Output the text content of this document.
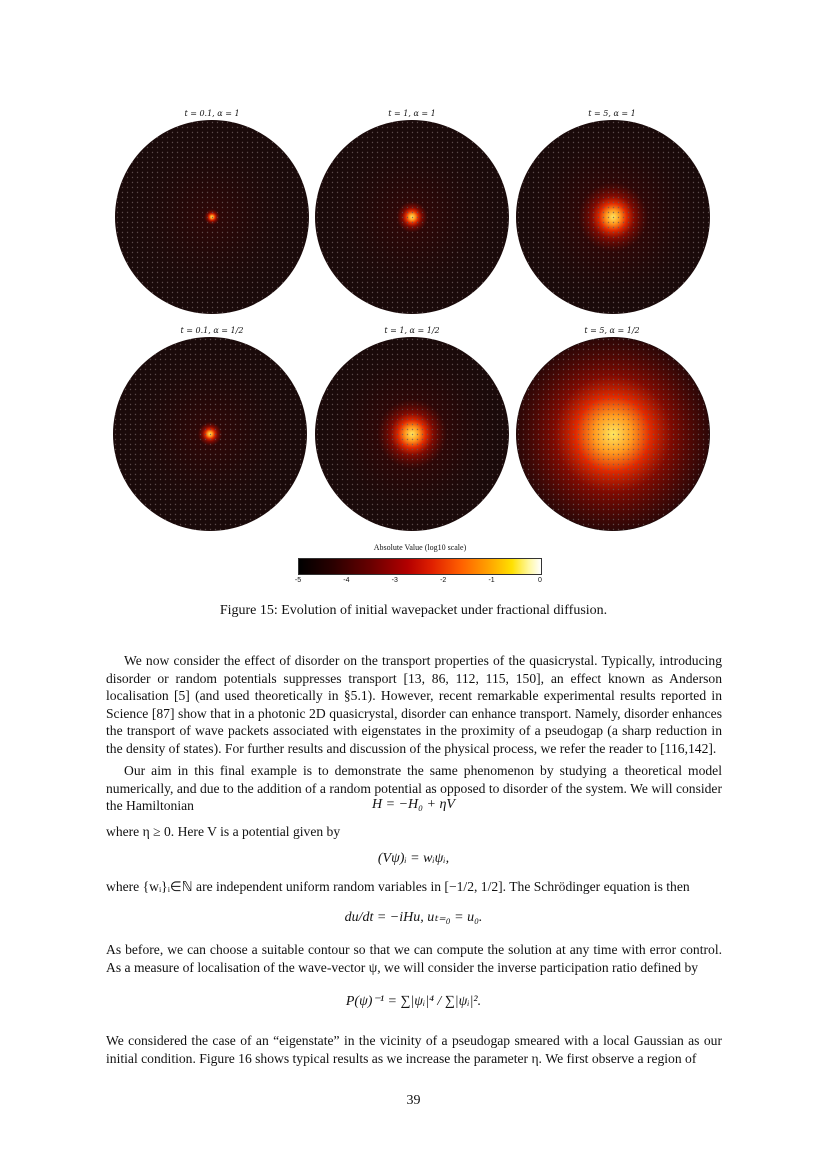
t = 0.1, α = 1	t = 1, α = 1	t = 5, α = 1
t = 0.1, α = 1/2	t = 1, α = 1/2	t = 5, α = 1/2
Absolute Value (log10 scale)
-5	-4	-3	-2	-1	0
Figure 15: Evolution of initial wavepacket under fractional diffusion.
We now consider the effect of disorder on the transport properties of the quasicrystal. Typically, introducing disorder or random potentials suppresses transport [13, 86, 112, 115, 150], an effect known as Anderson localisation [5] (and used theoretically in §5.1). However, recent remarkable experimental results reported in Science [87] show that in a photonic 2D quasicrystal, disorder can enhance transport. Namely, disorder enhances the transport of wave packets associated with eigenstates in the proximity of a pseudogap (a sharp reduction in the density of states). For further results and discussion of the physical process, we refer the reader to [116,142].
Our aim in this final example is to demonstrate the same phenomenon by studying a theoretical model numerically, and due to the addition of a random potential as opposed to disorder of the system. We will consider the Hamiltonian	H = −H₀ + ηV
where η ≥ 0. Here V is a potential given by
(Vψ)ᵢ = wᵢψᵢ,
where {wᵢ}ᵢ∈ℕ are independent uniform random variables in [−1/2, 1/2]. The Schrödinger equation is then
du/dt = −iHu, uₜ₌₀ = u₀.
As before, we can choose a suitable contour so that we can compute the solution at any time with error control. As a measure of localisation of the wave-vector ψ, we will consider the inverse participation ratio defined by
P(ψ)⁻¹ = ∑|ψᵢ|⁴ / ∑|ψᵢ|².
We considered the case of an “eigenstate” in the vicinity of a pseudogap smeared with a local Gaussian as our initial condition. Figure 16 shows typical results as we increase the parameter η. We first observe a region of
39
